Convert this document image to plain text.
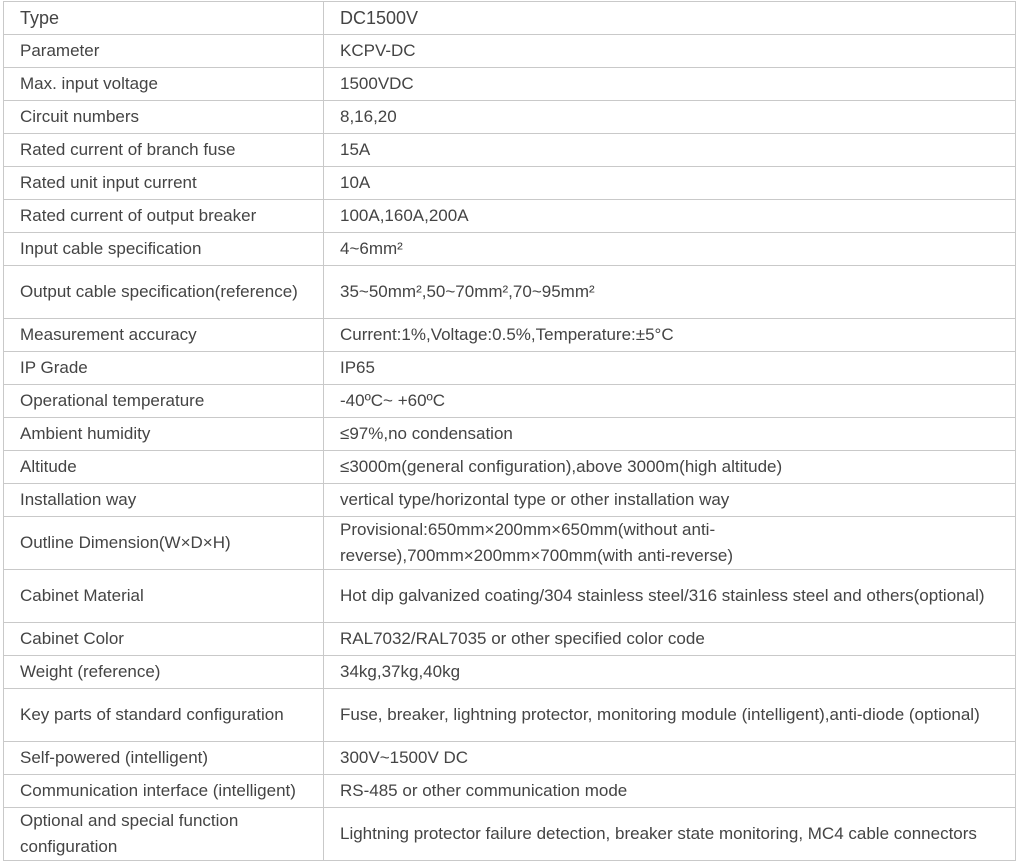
Type	DC1500V

Parameter	KCPV-DC

Max. input voltage	1500VDC

Circuit numbers	8,16,20

Rated current of branch fuse	15A

Rated unit input current	10A

Rated current of output breaker	100A,160A,200A

Input cable specification	4~6mm²

Output cable specification(reference)	35~50mm²,50~70mm²,70~95mm²

Measurement accuracy	Current:1%,Voltage:0.5%,Temperature:±5°C

IP Grade	IP65

Operational temperature	-40ºC~ +60ºC

Ambient humidity	≤97%,no condensation

Altitude	≤3000m(general configuration),above 3000m(high altitude)

Installation way	vertical type/horizontal type or other installation way

Outline Dimension(W×D×H)	Provisional:650mm×200mm×650mm(without anti-reverse),700mm×200mm×700mm(with anti-reverse)

Cabinet Material	Hot dip galvanized coating/304 stainless steel/316 stainless steel and others(optional)

Cabinet Color	RAL7032/RAL7035 or other specified color code

Weight (reference)	34kg,37kg,40kg

Key parts of standard configuration	Fuse, breaker, lightning protector, monitoring module (intelligent),anti-diode (optional)

Self-powered (intelligent)	300V~1500V DC

Communication interface (intelligent)	RS-485 or other communication mode

Optional and special function configuration	Lightning protector failure detection, breaker state monitoring, MC4 cable connectors
